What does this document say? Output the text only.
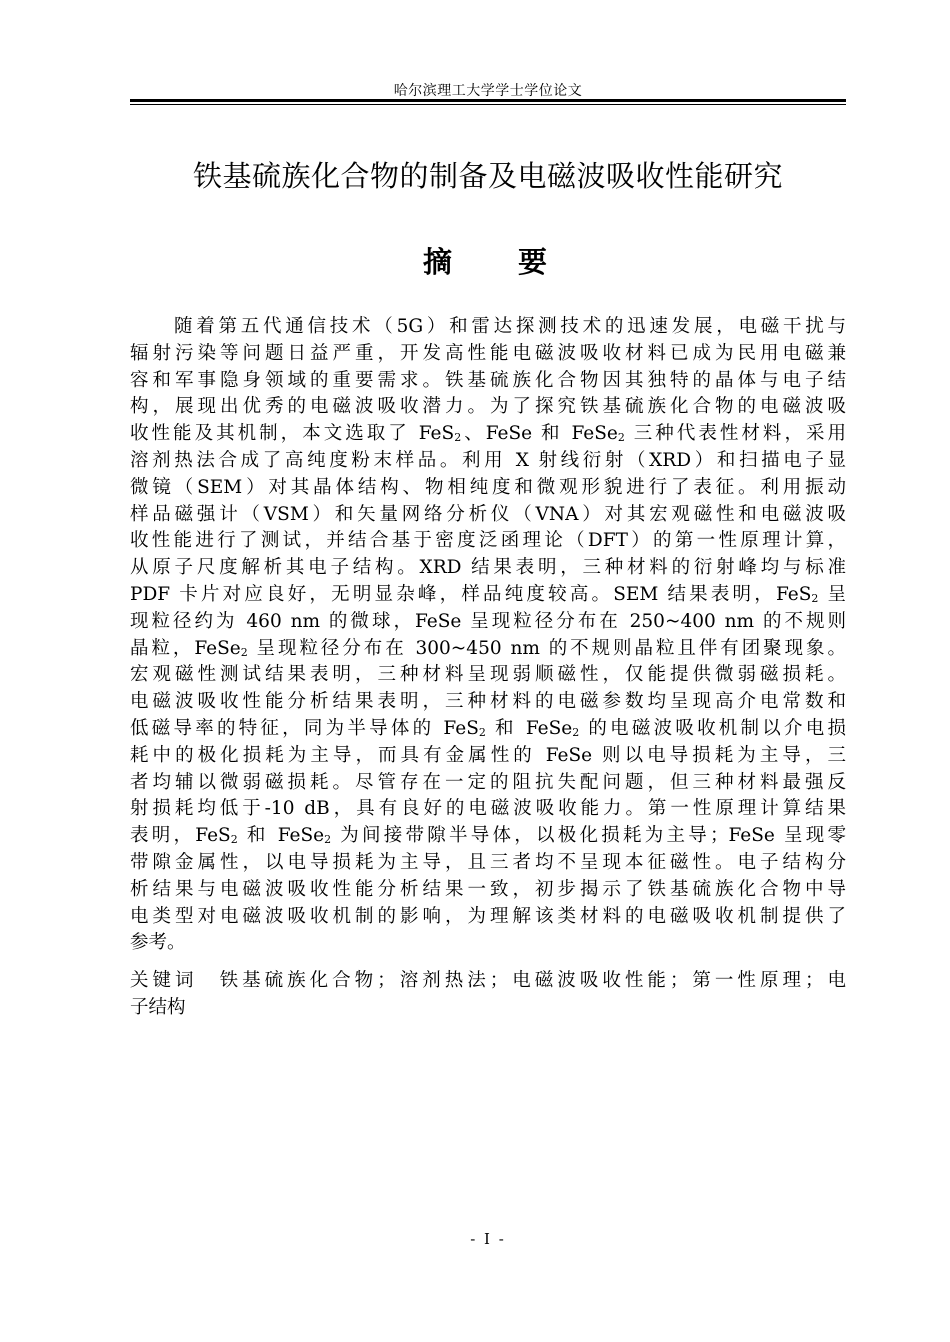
哈尔滨理工大学学士学位论文
铁基硫族化合物的制备及电磁波吸收性能研究
摘 要
随着第五代通信技术（5G）和雷达探测技术的迅速发展，电磁干扰与
辐射污染等问题日益严重，开发高性能电磁波吸收材料已成为民用电磁兼
容和军事隐身领域的重要需求。铁基硫族化合物因其独特的晶体与电子结
构，展现出优秀的电磁波吸收潜力。为了探究铁基硫族化合物的电磁波吸
收性能及其机制，本文选取了 FeS$_2$、FeSe 和 FeSe$_2$ 三种代表性材料，采用
溶剂热法合成了高纯度粉末样品。利用 X 射线衍射（XRD）和扫描电子显
微镜（SEM）对其晶体结构、物相纯度和微观形貌进行了表征。利用振动
样品磁强计（VSM）和矢量网络分析仪（VNA）对其宏观磁性和电磁波吸
收性能进行了测试，并结合基于密度泛函理论（DFT）的第一性原理计算，
从原子尺度解析其电子结构。XRD 结果表明，三种材料的衍射峰均与标准
PDF 卡片对应良好，无明显杂峰，样品纯度较高。SEM 结果表明，FeS$_2$ 呈
现粒径约为 460 nm 的微球，FeSe 呈现粒径分布在 250~400 nm 的不规则
晶粒，FeSe$_2$ 呈现粒径分布在 300~450 nm 的不规则晶粒且伴有团聚现象。
宏观磁性测试结果表明，三种材料呈现弱顺磁性，仅能提供微弱磁损耗。
电磁波吸收性能分析结果表明，三种材料的电磁参数均呈现高介电常数和
低磁导率的特征，同为半导体的 FeS$_2$ 和 FeSe$_2$ 的电磁波吸收机制以介电损
耗中的极化损耗为主导，而具有金属性的 FeSe 则以电导损耗为主导，三
者均辅以微弱磁损耗。尽管存在一定的阻抗失配问题，但三种材料最强反
射损耗均低于-10 dB，具有良好的电磁波吸收能力。第一性原理计算结果
表明，FeS$_2$ 和 FeSe$_2$ 为间接带隙半导体，以极化损耗为主导；FeSe 呈现零
带隙金属性，以电导损耗为主导，且三者均不呈现本征磁性。电子结构分
析结果与电磁波吸收性能分析结果一致，初步揭示了铁基硫族化合物中导
电类型对电磁波吸收机制的影响，为理解该类材料的电磁吸收机制提供了
参考。
关键词 铁基硫族化合物；溶剂热法；电磁波吸收性能；第一性原理；电
子结构
- I -
